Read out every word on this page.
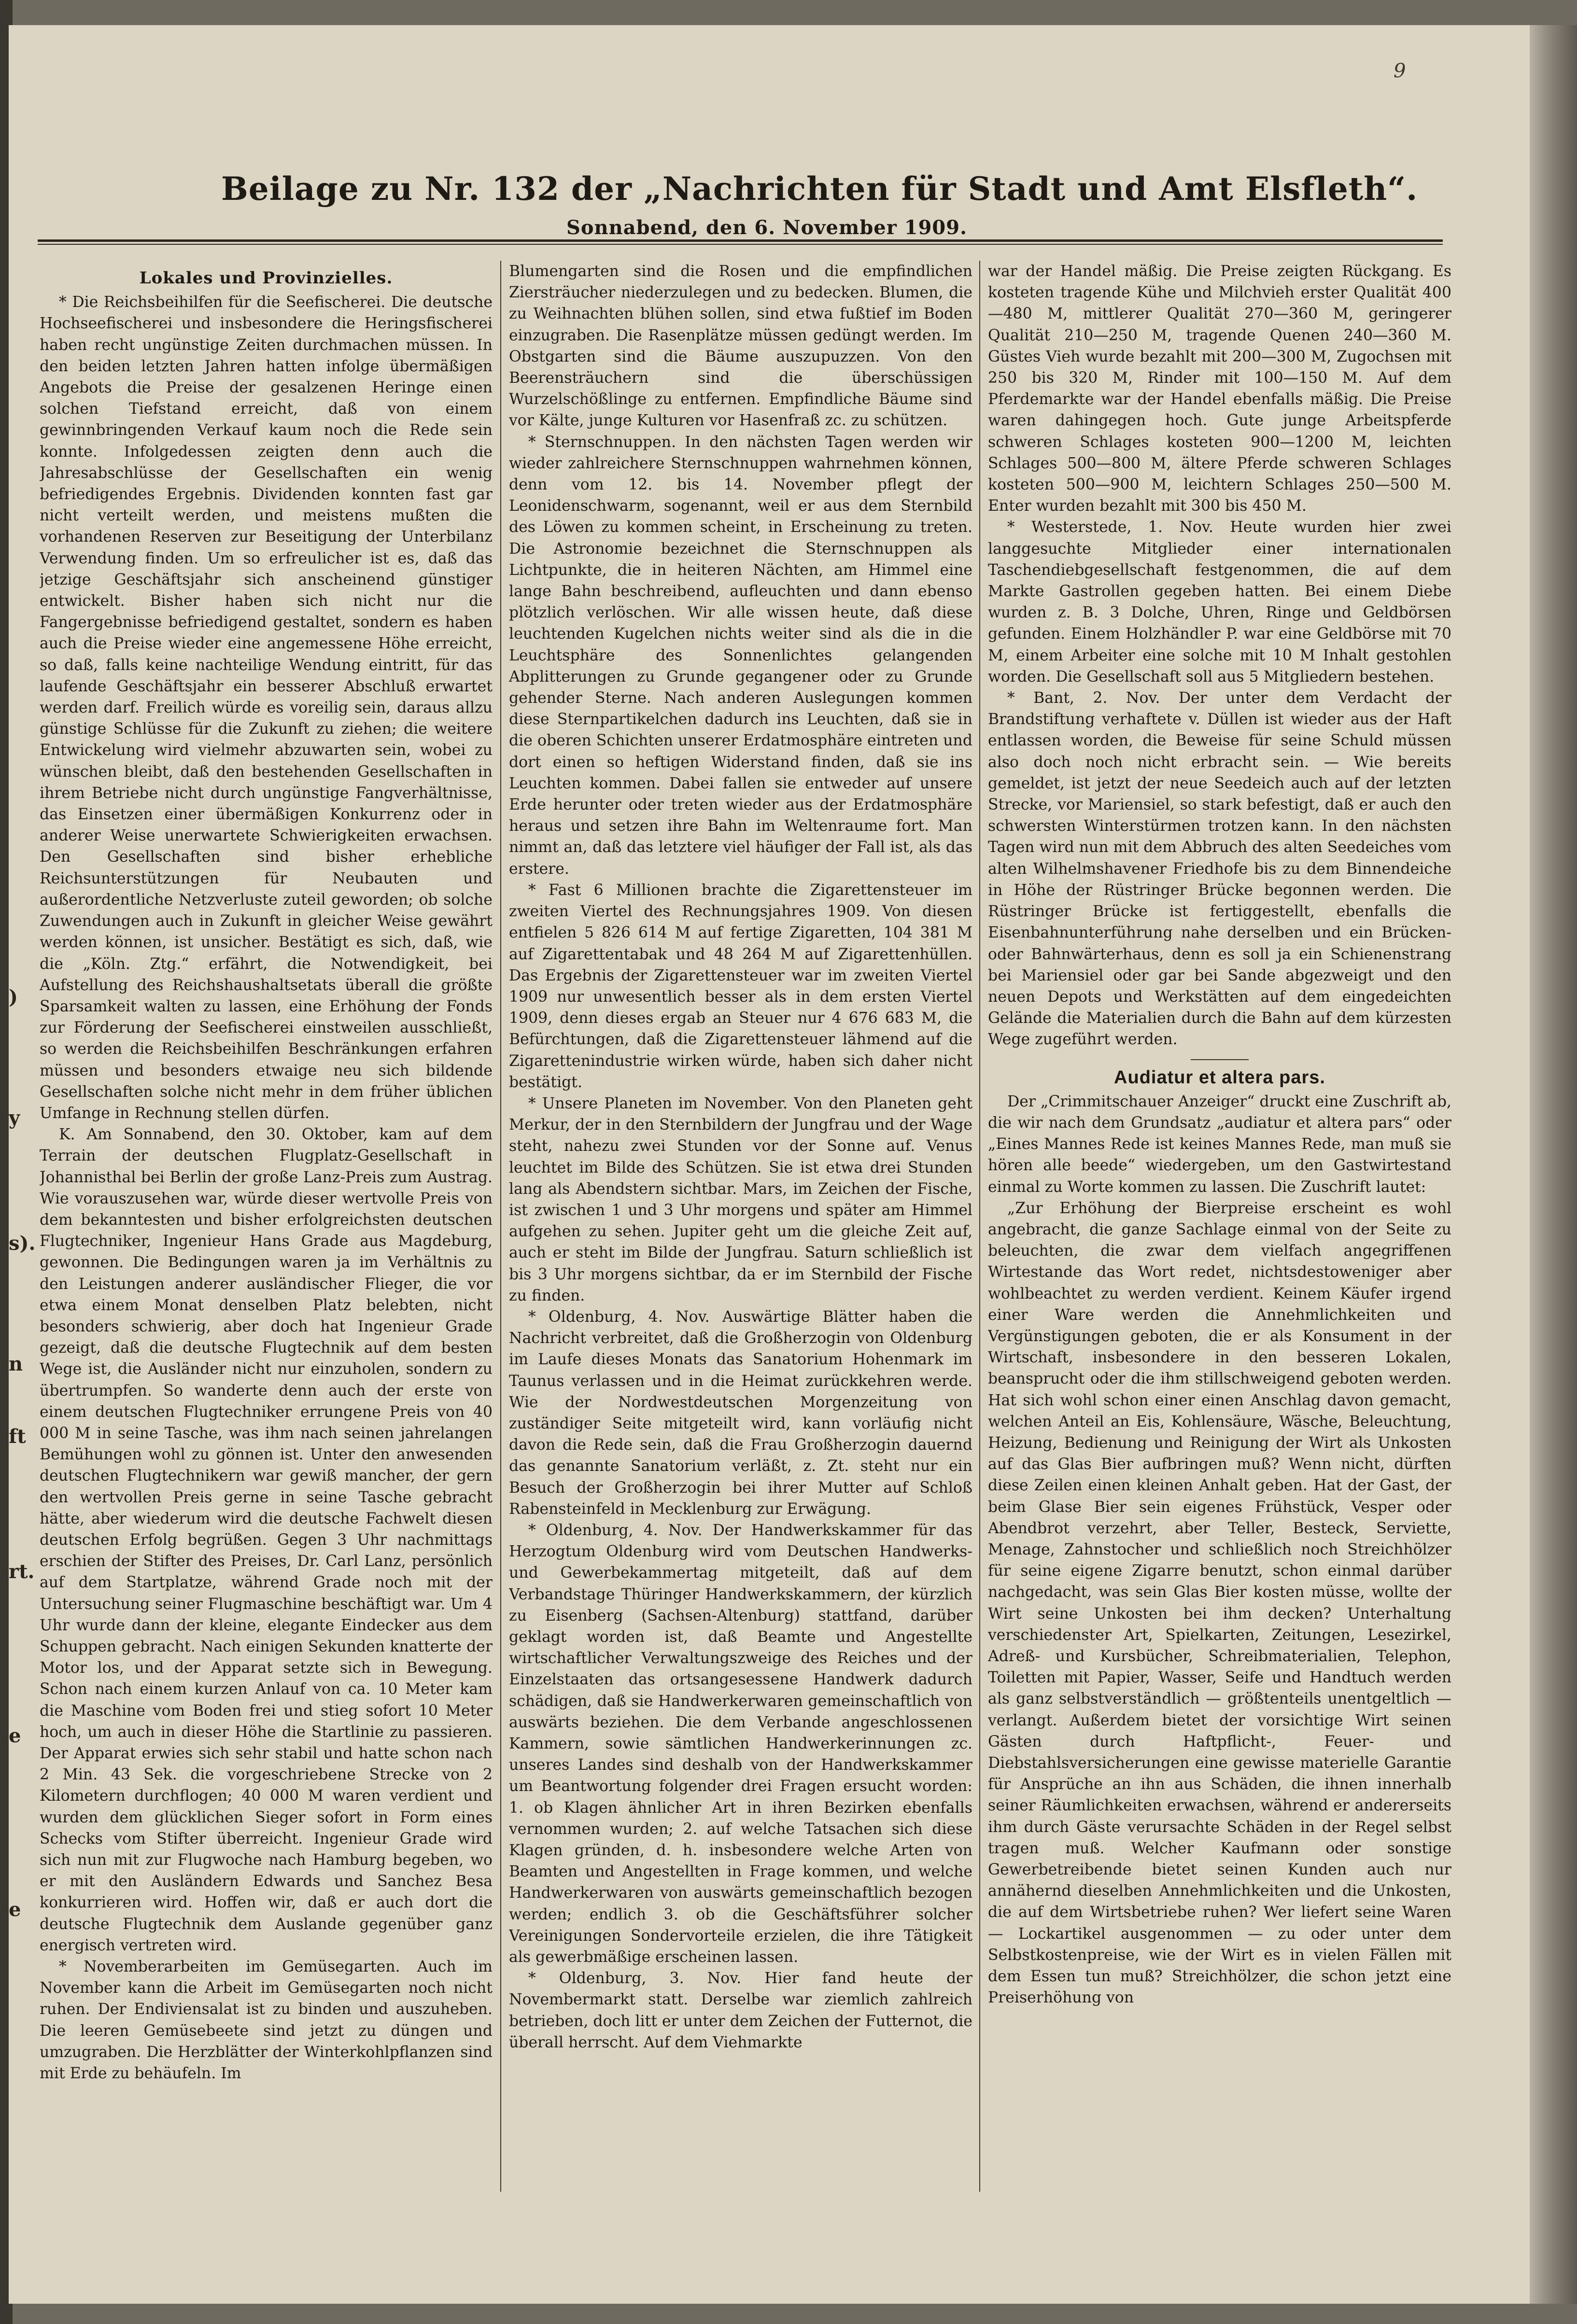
9
Beilage zu Nr. 132 der „Nachrichten für Stadt und Amt Elsfleth“.
Sonnabend, den 6. November 1909.
)
y
s).
n
ft
rt.
e
e
Lokales und Provinzielles.

* Die Reichsbeihilfen für die Seefischerei. Die deutsche Hochseefischerei und insbesondere die Heringsfischerei haben recht ungünstige Zeiten durchmachen müssen. In den beiden letzten Jahren hatten infolge übermäßigen Angebots die Preise der gesalzenen Heringe einen solchen Tiefstand erreicht, daß von einem gewinnbringenden Verkauf kaum noch die Rede sein konnte. Infolgedessen zeigten denn auch die Jahresabschlüsse der Gesellschaften ein wenig befriedigendes Ergebnis. Dividenden konnten fast gar nicht verteilt werden, und meistens mußten die vorhandenen Reserven zur Beseitigung der Unterbilanz Verwendung finden. Um so erfreulicher ist es, daß das jetzige Geschäftsjahr sich anscheinend günstiger entwickelt. Bisher haben sich nicht nur die Fangergebnisse befriedigend gestaltet, sondern es haben auch die Preise wieder eine angemessene Höhe erreicht, so daß, falls keine nachteilige Wendung eintritt, für das laufende Geschäftsjahr ein besserer Abschluß erwartet werden darf. Freilich würde es voreilig sein, daraus allzu günstige Schlüsse für die Zukunft zu ziehen; die weitere Entwickelung wird vielmehr abzuwarten sein, wobei zu wünschen bleibt, daß den bestehenden Gesellschaften in ihrem Betriebe nicht durch ungünstige Fangverhältnisse, das Einsetzen einer übermäßigen Konkurrenz oder in anderer Weise unerwartete Schwierigkeiten erwachsen. Den Gesellschaften sind bisher erhebliche Reichsunterstützungen für Neubauten und außerordentliche Netzverluste zuteil geworden; ob solche Zuwendungen auch in Zukunft in gleicher Weise gewährt werden können, ist unsicher. Bestätigt es sich, daß, wie die „Köln. Ztg.“ erfährt, die Notwendigkeit, bei Aufstellung des Reichshaushaltsetats überall die größte Sparsamkeit walten zu lassen, eine Erhöhung der Fonds zur Förderung der Seefischerei einstweilen ausschließt, so werden die Reichsbeihilfen Beschränkungen erfahren müssen und besonders etwaige neu sich bildende Gesellschaften solche nicht mehr in dem früher üblichen Umfange in Rechnung stellen dürfen.

K. Am Sonnabend, den 30. Oktober, kam auf dem Terrain der deutschen Flugplatz-Gesellschaft in Johannisthal bei Berlin der große Lanz-Preis zum Austrag. Wie vorauszusehen war, würde dieser wertvolle Preis von dem bekanntesten und bisher erfolgreichsten deutschen Flugtechniker, Ingenieur Hans Grade aus Magdeburg, gewonnen. Die Bedingungen waren ja im Verhältnis zu den Leistungen anderer ausländischer Flieger, die vor etwa einem Monat denselben Platz belebten, nicht besonders schwierig, aber doch hat Ingenieur Grade gezeigt, daß die deutsche Flugtechnik auf dem besten Wege ist, die Ausländer nicht nur einzuholen, sondern zu übertrumpfen. So wanderte denn auch der erste von einem deutschen Flugtechniker errungene Preis von 40 000 M in seine Tasche, was ihm nach seinen jahrelangen Bemühungen wohl zu gönnen ist. Unter den anwesenden deutschen Flugtechnikern war gewiß mancher, der gern den wertvollen Preis gerne in seine Tasche gebracht hätte, aber wiederum wird die deutsche Fachwelt diesen deutschen Erfolg begrüßen. Gegen 3 Uhr nachmittags erschien der Stifter des Preises, Dr. Carl Lanz, persönlich auf dem Startplatze, während Grade noch mit der Untersuchung seiner Flugmaschine beschäftigt war. Um 4 Uhr wurde dann der kleine, elegante Eindecker aus dem Schuppen gebracht. Nach einigen Sekunden knatterte der Motor los, und der Apparat setzte sich in Bewegung. Schon nach einem kurzen Anlauf von ca. 10 Meter kam die Maschine vom Boden frei und stieg sofort 10 Meter hoch, um auch in dieser Höhe die Startlinie zu passieren. Der Apparat erwies sich sehr stabil und hatte schon nach 2 Min. 43 Sek. die vorgeschriebene Strecke von 2 Kilometern durchflogen; 40 000 M waren verdient und wurden dem glücklichen Sieger sofort in Form eines Schecks vom Stifter überreicht. Ingenieur Grade wird sich nun mit zur Flugwoche nach Hamburg begeben, wo er mit den Ausländern Edwards und Sanchez Besa konkurrieren wird. Hoffen wir, daß er auch dort die deutsche Flugtechnik dem Auslande gegenüber ganz energisch vertreten wird.

* Novemberarbeiten im Gemüsegarten. Auch im November kann die Arbeit im Gemüsegarten noch nicht ruhen. Der Endiviensalat ist zu binden und auszuheben. Die leeren Gemüsebeete sind jetzt zu düngen und umzugraben. Die Herzblätter der Winterkohlpflanzen sind mit Erde zu behäufeln. Im

Blumengarten sind die Rosen und die empfindlichen Ziersträucher niederzulegen und zu bedecken. Blumen, die zu Weihnachten blühen sollen, sind etwa fußtief im Boden einzugraben. Die Rasenplätze müssen gedüngt werden. Im Obstgarten sind die Bäume auszupuzzen. Von den Beerensträuchern sind die überschüssigen Wurzelschößlinge zu entfernen. Empfindliche Bäume sind vor Kälte, junge Kulturen vor Hasenfraß zc. zu schützen.

* Sternschnuppen. In den nächsten Tagen werden wir wieder zahlreichere Sternschnuppen wahrnehmen können, denn vom 12. bis 14. November pflegt der Leonidenschwarm, sogenannt, weil er aus dem Sternbild des Löwen zu kommen scheint, in Erscheinung zu treten. Die Astronomie bezeichnet die Sternschnuppen als Lichtpunkte, die in heiteren Nächten, am Himmel eine lange Bahn beschreibend, aufleuchten und dann ebenso plötzlich verlöschen. Wir alle wissen heute, daß diese leuchtenden Kugelchen nichts weiter sind als die in die Leuchtsphäre des Sonnenlichtes gelangenden Abplitterungen zu Grunde gegangener oder zu Grunde gehender Sterne. Nach anderen Auslegungen kommen diese Sternpartikelchen dadurch ins Leuchten, daß sie in die oberen Schichten unserer Erdatmosphäre eintreten und dort einen so heftigen Widerstand finden, daß sie ins Leuchten kommen. Dabei fallen sie entweder auf unsere Erde herunter oder treten wieder aus der Erdatmosphäre heraus und setzen ihre Bahn im Weltenraume fort. Man nimmt an, daß das letztere viel häufiger der Fall ist, als das erstere.

* Fast 6 Millionen brachte die Zigarettensteuer im zweiten Viertel des Rechnungsjahres 1909. Von diesen entfielen 5 826 614 M auf fertige Zigaretten, 104 381 M auf Zigarettentabak und 48 264 M auf Zigarettenhüllen. Das Ergebnis der Zigarettensteuer war im zweiten Viertel 1909 nur unwesentlich besser als in dem ersten Viertel 1909, denn dieses ergab an Steuer nur 4 676 683 M, die Befürchtungen, daß die Zigarettensteuer lähmend auf die Zigarettenindustrie wirken würde, haben sich daher nicht bestätigt.

* Unsere Planeten im November. Von den Planeten geht Merkur, der in den Sternbildern der Jungfrau und der Wage steht, nahezu zwei Stunden vor der Sonne auf. Venus leuchtet im Bilde des Schützen. Sie ist etwa drei Stunden lang als Abendstern sichtbar. Mars, im Zeichen der Fische, ist zwischen 1 und 3 Uhr morgens und später am Himmel aufgehen zu sehen. Jupiter geht um die gleiche Zeit auf, auch er steht im Bilde der Jungfrau. Saturn schließlich ist bis 3 Uhr morgens sichtbar, da er im Sternbild der Fische zu finden.

* Oldenburg, 4. Nov. Auswärtige Blätter haben die Nachricht verbreitet, daß die Großherzogin von Oldenburg im Laufe dieses Monats das Sanatorium Hohenmark im Taunus verlassen und in die Heimat zurückkehren werde. Wie der Nordwestdeutschen Morgenzeitung von zuständiger Seite mitgeteilt wird, kann vorläufig nicht davon die Rede sein, daß die Frau Großherzogin dauernd das genannte Sanatorium verläßt, z. Zt. steht nur ein Besuch der Großherzogin bei ihrer Mutter auf Schloß Rabensteinfeld in Mecklenburg zur Erwägung.

* Oldenburg, 4. Nov. Der Handwerkskammer für das Herzogtum Oldenburg wird vom Deutschen Handwerks- und Gewerbekammertag mitgeteilt, daß auf dem Verbandstage Thüringer Handwerkskammern, der kürzlich zu Eisenberg (Sachsen-Altenburg) stattfand, darüber geklagt worden ist, daß Beamte und Angestellte wirtschaftlicher Verwaltungszweige des Reiches und der Einzelstaaten das ortsangesessene Handwerk dadurch schädigen, daß sie Handwerkerwaren gemeinschaftlich von auswärts beziehen. Die dem Verbande angeschlossenen Kammern, sowie sämtlichen Handwerkerinnungen zc. unseres Landes sind deshalb von der Handwerkskammer um Beantwortung folgender drei Fragen ersucht worden: 1. ob Klagen ähnlicher Art in ihren Bezirken ebenfalls vernommen wurden; 2. auf welche Tatsachen sich diese Klagen gründen, d. h. insbesondere welche Arten von Beamten und Angestellten in Frage kommen, und welche Handwerkerwaren von auswärts gemeinschaftlich bezogen werden; endlich 3. ob die Geschäftsführer solcher Vereinigungen Sondervorteile erzielen, die ihre Tätigkeit als gewerbmäßige erscheinen lassen.

* Oldenburg, 3. Nov. Hier fand heute der Novembermarkt statt. Derselbe war ziemlich zahlreich betrieben, doch litt er unter dem Zeichen der Futternot, die überall herrscht. Auf dem Viehmarkte

war der Handel mäßig. Die Preise zeigten Rückgang. Es kosteten tragende Kühe und Milchvieh erster Qualität 400—480 M, mittlerer Qualität 270—360 M, geringerer Qualität 210—250 M, tragende Quenen 240—360 M. Güstes Vieh wurde bezahlt mit 200—300 M, Zugochsen mit 250 bis 320 M, Rinder mit 100—150 M. Auf dem Pferdemarkte war der Handel ebenfalls mäßig. Die Preise waren dahingegen hoch. Gute junge Arbeitspferde schweren Schlages kosteten 900—1200 M, leichten Schlages 500—800 M, ältere Pferde schweren Schlages kosteten 500—900 M, leichtern Schlages 250—500 M. Enter wurden bezahlt mit 300 bis 450 M.

* Westerstede, 1. Nov. Heute wurden hier zwei langgesuchte Mitglieder einer internationalen Taschendiebgesellschaft festgenommen, die auf dem Markte Gastrollen gegeben hatten. Bei einem Diebe wurden z. B. 3 Dolche, Uhren, Ringe und Geldbörsen gefunden. Einem Holzhändler P. war eine Geldbörse mit 70 M, einem Arbeiter eine solche mit 10 M Inhalt gestohlen worden. Die Gesellschaft soll aus 5 Mitgliedern bestehen.

* Bant, 2. Nov. Der unter dem Verdacht der Brandstiftung verhaftete v. Düllen ist wieder aus der Haft entlassen worden, die Beweise für seine Schuld müssen also doch noch nicht erbracht sein. — Wie bereits gemeldet, ist jetzt der neue Seedeich auch auf der letzten Strecke, vor Mariensiel, so stark befestigt, daß er auch den schwersten Winterstürmen trotzen kann. In den nächsten Tagen wird nun mit dem Abbruch des alten Seedeiches vom alten Wilhelmshavener Friedhofe bis zu dem Binnendeiche in Höhe der Rüstringer Brücke begonnen werden. Die Rüstringer Brücke ist fertiggestellt, ebenfalls die Eisenbahnunterführung nahe derselben und ein Brücken- oder Bahnwärterhaus, denn es soll ja ein Schienenstrang bei Mariensiel oder gar bei Sande abgezweigt und den neuen Depots und Werkstätten auf dem eingedeichten Gelände die Materialien durch die Bahn auf dem kürzesten Wege zugeführt werden.

Audiatur et altera pars.

Der „Crimmitschauer Anzeiger“ druckt eine Zuschrift ab, die wir nach dem Grundsatz „audiatur et altera pars“ oder „Eines Mannes Rede ist keines Mannes Rede, man muß sie hören alle beede“ wiedergeben, um den Gastwirtestand einmal zu Worte kommen zu lassen. Die Zuschrift lautet:

„Zur Erhöhung der Bierpreise erscheint es wohl angebracht, die ganze Sachlage einmal von der Seite zu beleuchten, die zwar dem vielfach angegriffenen Wirtestande das Wort redet, nichtsdestoweniger aber wohlbeachtet zu werden verdient. Keinem Käufer irgend einer Ware werden die Annehmlichkeiten und Vergünstigungen geboten, die er als Konsument in der Wirtschaft, insbesondere in den besseren Lokalen, beansprucht oder die ihm stillschweigend geboten werden. Hat sich wohl schon einer einen Anschlag davon gemacht, welchen Anteil an Eis, Kohlensäure, Wäsche, Beleuchtung, Heizung, Bedienung und Reinigung der Wirt als Unkosten auf das Glas Bier aufbringen muß? Wenn nicht, dürften diese Zeilen einen kleinen Anhalt geben. Hat der Gast, der beim Glase Bier sein eigenes Frühstück, Vesper oder Abendbrot verzehrt, aber Teller, Besteck, Serviette, Menage, Zahnstocher und schließlich noch Streichhölzer für seine eigene Zigarre benutzt, schon einmal darüber nachgedacht, was sein Glas Bier kosten müsse, wollte der Wirt seine Unkosten bei ihm decken? Unterhaltung verschiedenster Art, Spielkarten, Zeitungen, Lesezirkel, Adreß- und Kursbücher, Schreibmaterialien, Telephon, Toiletten mit Papier, Wasser, Seife und Handtuch werden als ganz selbstverständlich — größtenteils unentgeltlich — verlangt. Außerdem bietet der vorsichtige Wirt seinen Gästen durch Haftpflicht-, Feuer- und Diebstahlsversicherungen eine gewisse materielle Garantie für Ansprüche an ihn aus Schäden, die ihnen innerhalb seiner Räumlichkeiten erwachsen, während er andererseits ihm durch Gäste verursachte Schäden in der Regel selbst tragen muß. Welcher Kaufmann oder sonstige Gewerbetreibende bietet seinen Kunden auch nur annähernd dieselben Annehmlichkeiten und die Unkosten, die auf dem Wirtsbetriebe ruhen? Wer liefert seine Waren — Lockartikel ausgenommen — zu oder unter dem Selbstkostenpreise, wie der Wirt es in vielen Fällen mit dem Essen tun muß? Streichhölzer, die schon jetzt eine Preiserhöhung von
